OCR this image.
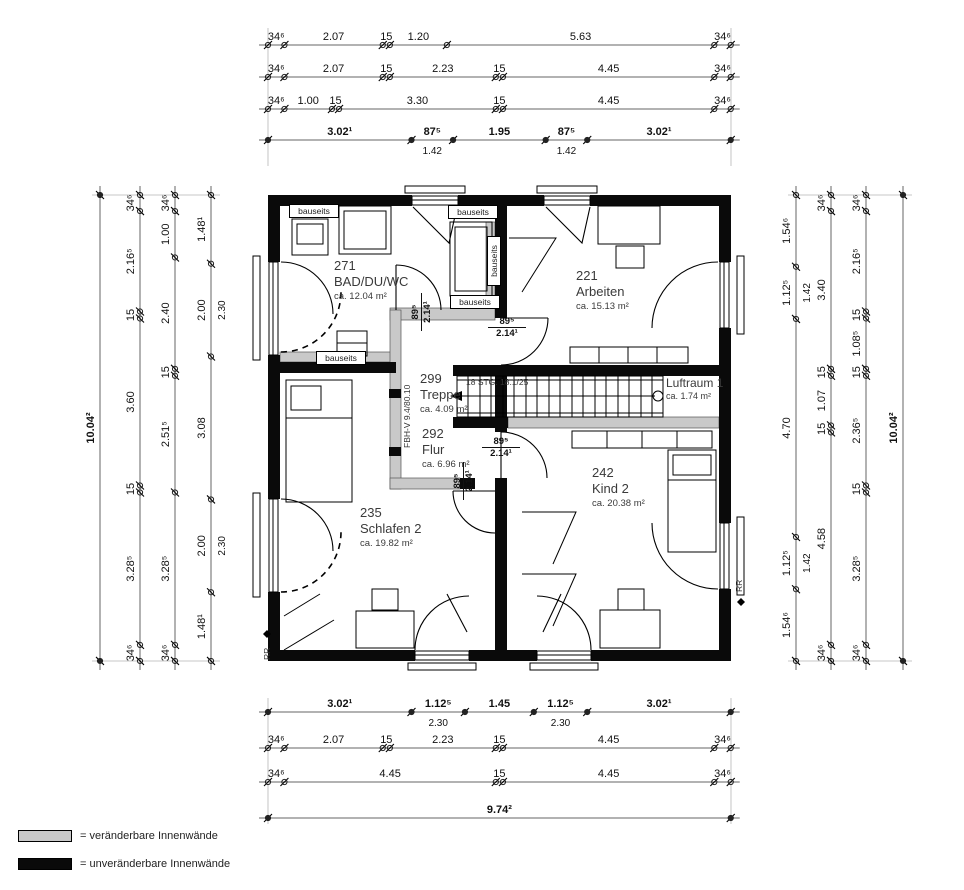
34⁶	2.07	15 1.20	5.63	34⁶
34⁶	2.07	15	2.23	15	4.45	34⁶
34⁶ 1.00 15	3.30	15	4.45	34⁶
3.02¹	87⁵
1.42
1.95	87⁵
1.42
3.02¹
3.02¹	1.12⁵
2.30
1.45	1.12⁵
2.30
3.02¹
34⁶	2.07	15	2.23	15	4.45	34⁶
34⁶	4.45	15	4.45	34⁶
9.74²
10.04²
34⁶
2.16⁵
15
3.60
15
3.28⁵
34⁶
34⁶
1.00
2.40
15
2.51⁵
3.28⁵
34⁶
1.48¹
2.00 2.30
3.08
2.00 2.30
1.48¹
1.54⁶
1.12⁵ 1.42
4.70
1.12⁵ 1.42
1.54⁶
34⁶
3.40
15
1.07
15
4.58
34⁶
34⁶
2.16⁵
15
1.08⁵
15
2.36⁵
15
3.28⁵
34⁶
10.04²
271
BAD/DU/WC
ca. 12.04 m²
221
Arbeiten
ca. 15.13 m²
299
Treppe
ca. 4.09 m²
292
Flur
ca. 6.96 m²
235
Schlafen 2
ca. 19.82 m²
242
Kind 2
ca. 20.38 m²
Luftraum 1
ca. 1.74 m²
18 STG. 18.1/25
FBH-V 9.4/80.10
RR
RR
bauseits	bauseits
bauseits
bauseits
bauseits
89⁵
2.14¹
89⁵
2.14¹
89⁵ 2.14¹
89⁵ 2.14¹
= veränderbare Innenwände
= unveränderbare Innenwände
